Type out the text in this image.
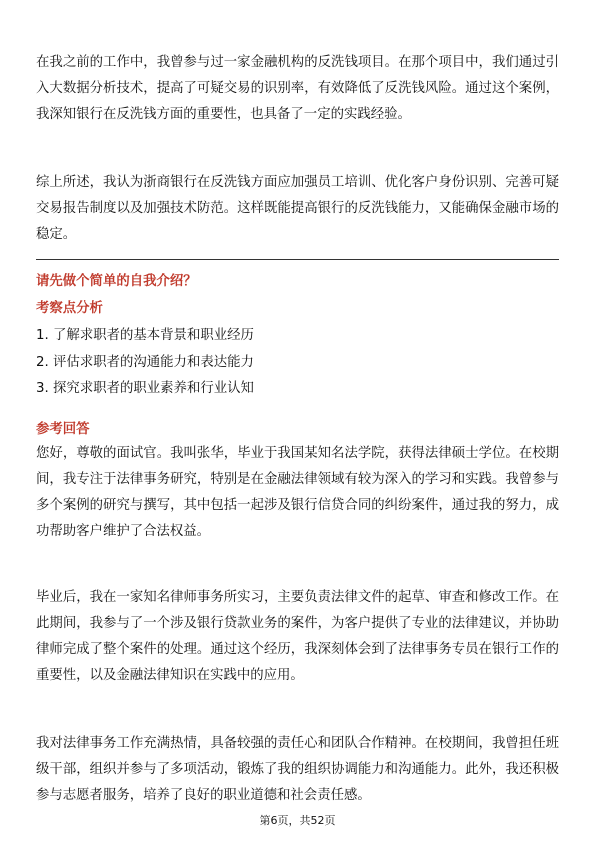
在我之前的工作中，我曾参与过一家金融机构的反洗钱项目。在那个项目中，我们通过引入大数据分析技术，提高了可疑交易的识别率，有效降低了反洗钱风险。通过这个案例，我深知银行在反洗钱方面的重要性，也具备了一定的实践经验。

综上所述，我认为浙商银行在反洗钱方面应加强员工培训、优化客户身份识别、完善可疑交易报告制度以及加强技术防范。这样既能提高银行的反洗钱能力，又能确保金融市场的稳定。

请先做个简单的自我介绍？

考察点分析

1. 了解求职者的基本背景和职业经历
2. 评估求职者的沟通能力和表达能力
3. 探究求职者的职业素养和行业认知

参考回答

您好，尊敬的面试官。我叫张华，毕业于我国某知名法学院，获得法律硕士学位。在校期间，我专注于法律事务研究，特别是在金融法律领域有较为深入的学习和实践。我曾参与多个案例的研究与撰写，其中包括一起涉及银行信贷合同的纠纷案件，通过我的努力，成功帮助客户维护了合法权益。

毕业后，我在一家知名律师事务所实习，主要负责法律文件的起草、审查和修改工作。在此期间，我参与了一个涉及银行贷款业务的案件，为客户提供了专业的法律建议，并协助律师完成了整个案件的处理。通过这个经历，我深刻体会到了法律事务专员在银行工作的重要性，以及金融法律知识在实践中的应用。

我对法律事务工作充满热情，具备较强的责任心和团队合作精神。在校期间，我曾担任班级干部，组织并参与了多项活动，锻炼了我的组织协调能力和沟通能力。此外，我还积极参与志愿者服务，培养了良好的职业道德和社会责任感。

第6页，共52页
